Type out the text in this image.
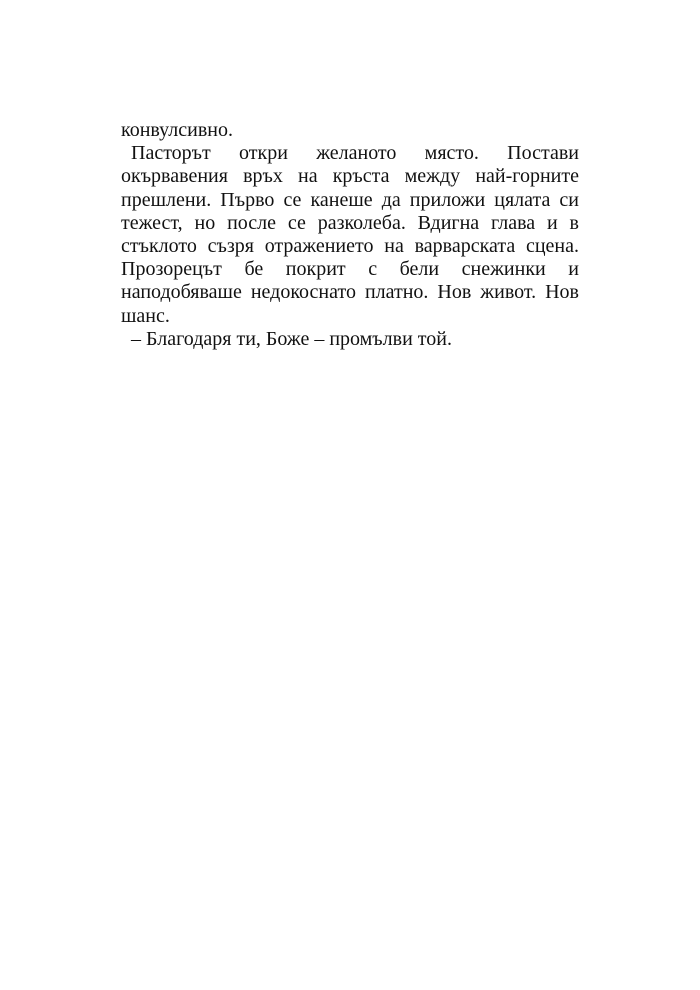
конвулсивно.

Пасторът откри желаното място. Постави окървавения връх на кръста между най-горните прешлени. Първо се канеше да приложи цялата си тежест, но после се разколеба. Вдигна глава и в стъклото съзря отражението на варварската сцена. Прозорецът бе покрит с бели снежинки и наподобяваше недокоснато платно. Нов живот. Нов шанс.

– Благодаря ти, Боже – промълви той.
